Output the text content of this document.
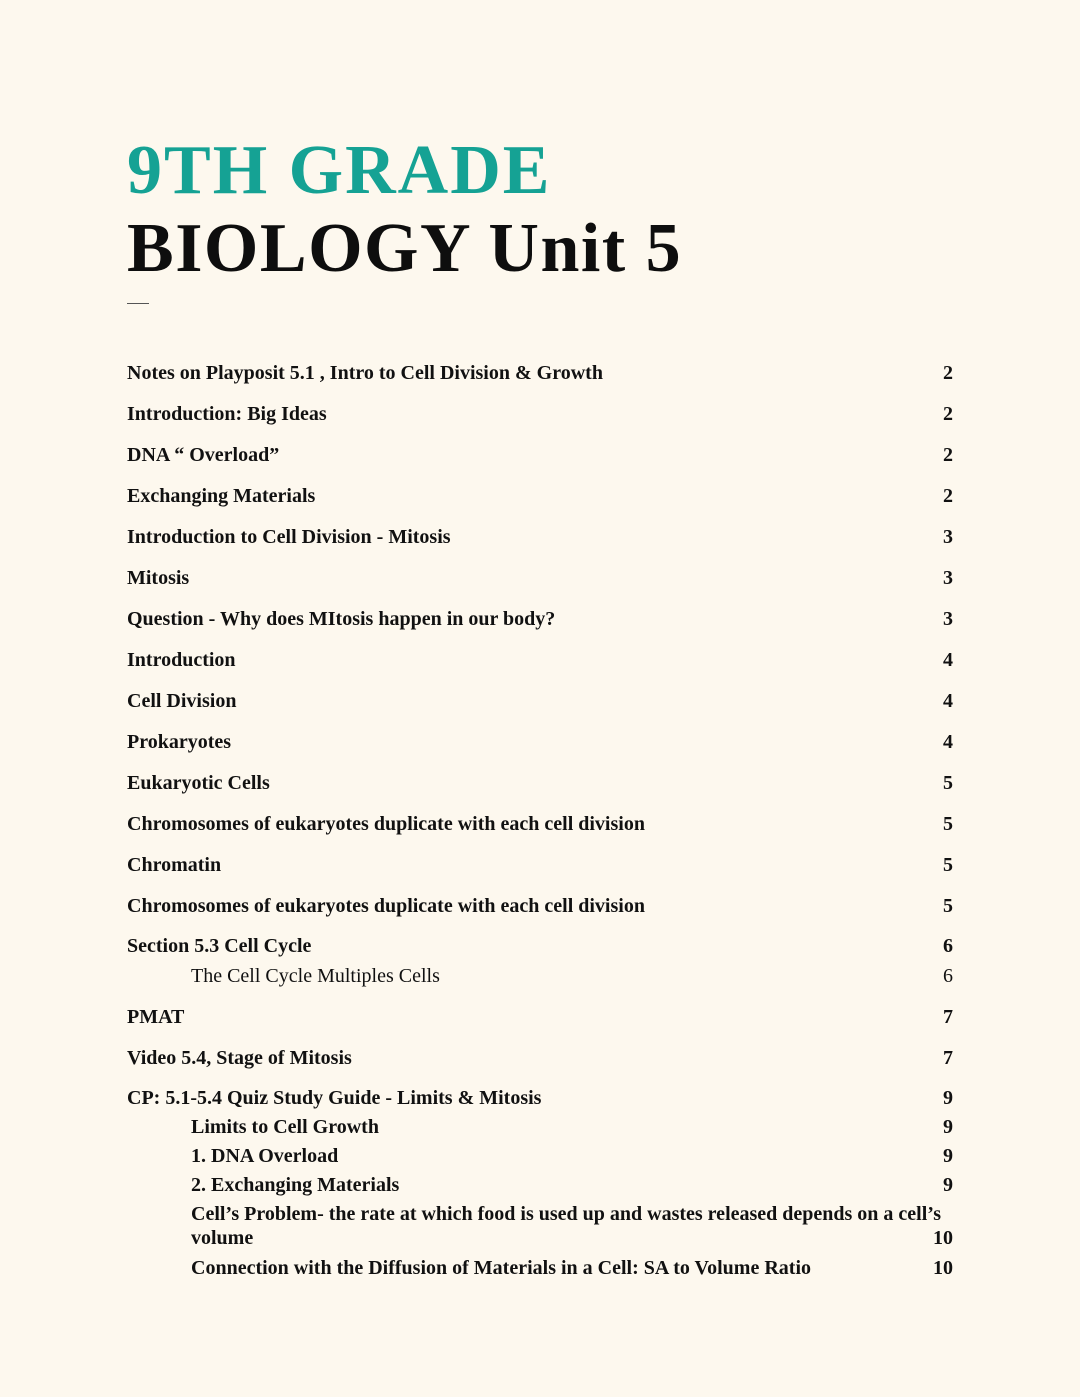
9TH GRADE
BIOLOGY Unit 5
Notes on Playposit 5.1 , Intro to Cell Division & Growth	2
Introduction: Big Ideas	2
DNA “ Overload”	2
Exchanging Materials	2
Introduction to Cell Division - Mitosis	3
Mitosis	3
Question - Why does MItosis happen in our body?	3
Introduction	4
Cell Division	4
Prokaryotes	4
Eukaryotic Cells	5
Chromosomes of eukaryotes duplicate with each cell division	5
Chromatin	5
Chromosomes of eukaryotes duplicate with each cell division	5
Section 5.3 Cell Cycle	6
The Cell Cycle Multiples Cells	6
PMAT	7
Video 5.4, Stage of Mitosis	7
CP: 5.1-5.4 Quiz Study Guide - Limits & Mitosis	9
Limits to Cell Growth	9
1. DNA Overload	9
2. Exchanging Materials	9
Cell’s Problem- the rate at which food is used up and wastes released depends on a cell’s volume	10
Connection with the Diffusion of Materials in a Cell: SA to Volume Ratio	10
